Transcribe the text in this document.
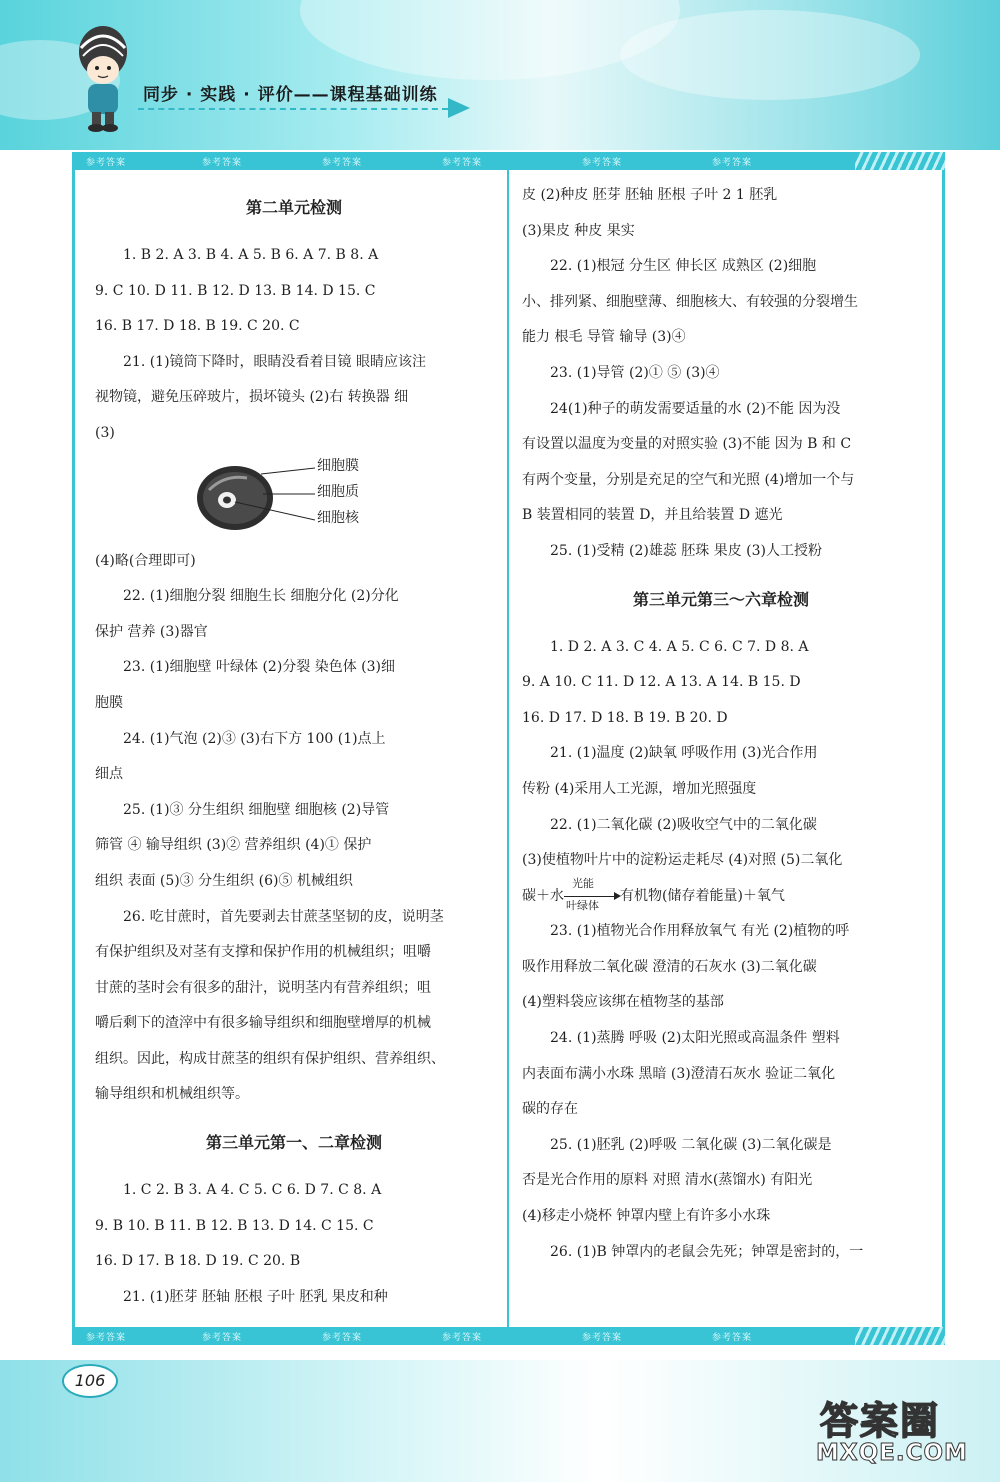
同步 · 实践 · 评价——课程基础训练
参考答案	参考答案	参考答案	参考答案	参考答案	参考答案
参考答案	参考答案	参考答案	参考答案	参考答案	参考答案
第二单元检测
1. B 2. A 3. B 4. A 5. B 6. A 7. B 8. A
9. C 10. D 11. B 12. D 13. B 14. D 15. C
16. B 17. D 18. B 19. C 20. C
21. (1)镜筒下降时，眼睛没看着目镜 眼睛应该注
视物镜，避免压碎玻片，损坏镜头 (2)右 转换器 细
(3)
细胞膜
细胞质
细胞核
(4)略(合理即可)
22. (1)细胞分裂 细胞生长 细胞分化 (2)分化
保护 营养 (3)器官
23. (1)细胞壁 叶绿体 (2)分裂 染色体 (3)细
胞膜
24. (1)气泡 (2)③ (3)右下方 100 (1)点上
细点
25. (1)③ 分生组织 细胞壁 细胞核 (2)导管
筛管 ④ 输导组织 (3)② 营养组织 (4)① 保护
组织 表面 (5)③ 分生组织 (6)⑤ 机械组织
26. 吃甘蔗时，首先要剥去甘蔗茎坚韧的皮，说明茎
有保护组织及对茎有支撑和保护作用的机械组织；咀嚼
甘蔗的茎时会有很多的甜汁，说明茎内有营养组织；咀
嚼后剩下的渣滓中有很多输导组织和细胞壁增厚的机械
组织。因此，构成甘蔗茎的组织有保护组织、营养组织、
输导组织和机械组织等。
第三单元第一、二章检测
1. C 2. B 3. A 4. C 5. C 6. D 7. C 8. A
9. B 10. B 11. B 12. B 13. D 14. C 15. C
16. D 17. B 18. D 19. C 20. B
21. (1)胚芽 胚轴 胚根 子叶 胚乳 果皮和种
皮 (2)种皮 胚芽 胚轴 胚根 子叶 2 1 胚乳
(3)果皮 种皮 果实
22. (1)根冠 分生区 伸长区 成熟区 (2)细胞
小、排列紧、细胞壁薄、细胞核大、有较强的分裂增生
能力 根毛 导管 输导 (3)④
23. (1)导管 (2)① ⑤ (3)④
24(1)种子的萌发需要适量的水 (2)不能 因为没
有设置以温度为变量的对照实验 (3)不能 因为 B 和 C
有两个变量，分别是充足的空气和光照 (4)增加一个与
B 装置相同的装置 D，并且给装置 D 遮光
25. (1)受精 (2)雄蕊 胚珠 果皮 (3)人工授粉
第三单元第三～六章检测
1. D 2. A 3. C 4. A 5. C 6. C 7. D 8. A
9. A 10. C 11. D 12. A 13. A 14. B 15. D
16. D 17. D 18. B 19. B 20. D
21. (1)温度 (2)缺氧 呼吸作用 (3)光合作用
传粉 (4)采用人工光源，增加光照强度
22. (1)二氧化碳 (2)吸收空气中的二氧化碳
(3)使植物叶片中的淀粉运走耗尽 (4)对照 (5)二氧化
碳＋水
光能
叶绿体
有机物(储存着能量)＋氧气
23. (1)植物光合作用释放氧气 有光 (2)植物的呼
吸作用释放二氧化碳 澄清的石灰水 (3)二氧化碳
(4)塑料袋应该绑在植物茎的基部
24. (1)蒸腾 呼吸 (2)太阳光照或高温条件 塑料
内表面布满小水珠 黑暗 (3)澄清石灰水 验证二氧化
碳的存在
25. (1)胚乳 (2)呼吸 二氧化碳 (3)二氧化碳是
否是光合作用的原料 对照 清水(蒸馏水) 有阳光
(4)移走小烧杯 钟罩内壁上有许多小水珠
26. (1)B 钟罩内的老鼠会先死；钟罩是密封的，一
106
答案圈
MXQE.COM
